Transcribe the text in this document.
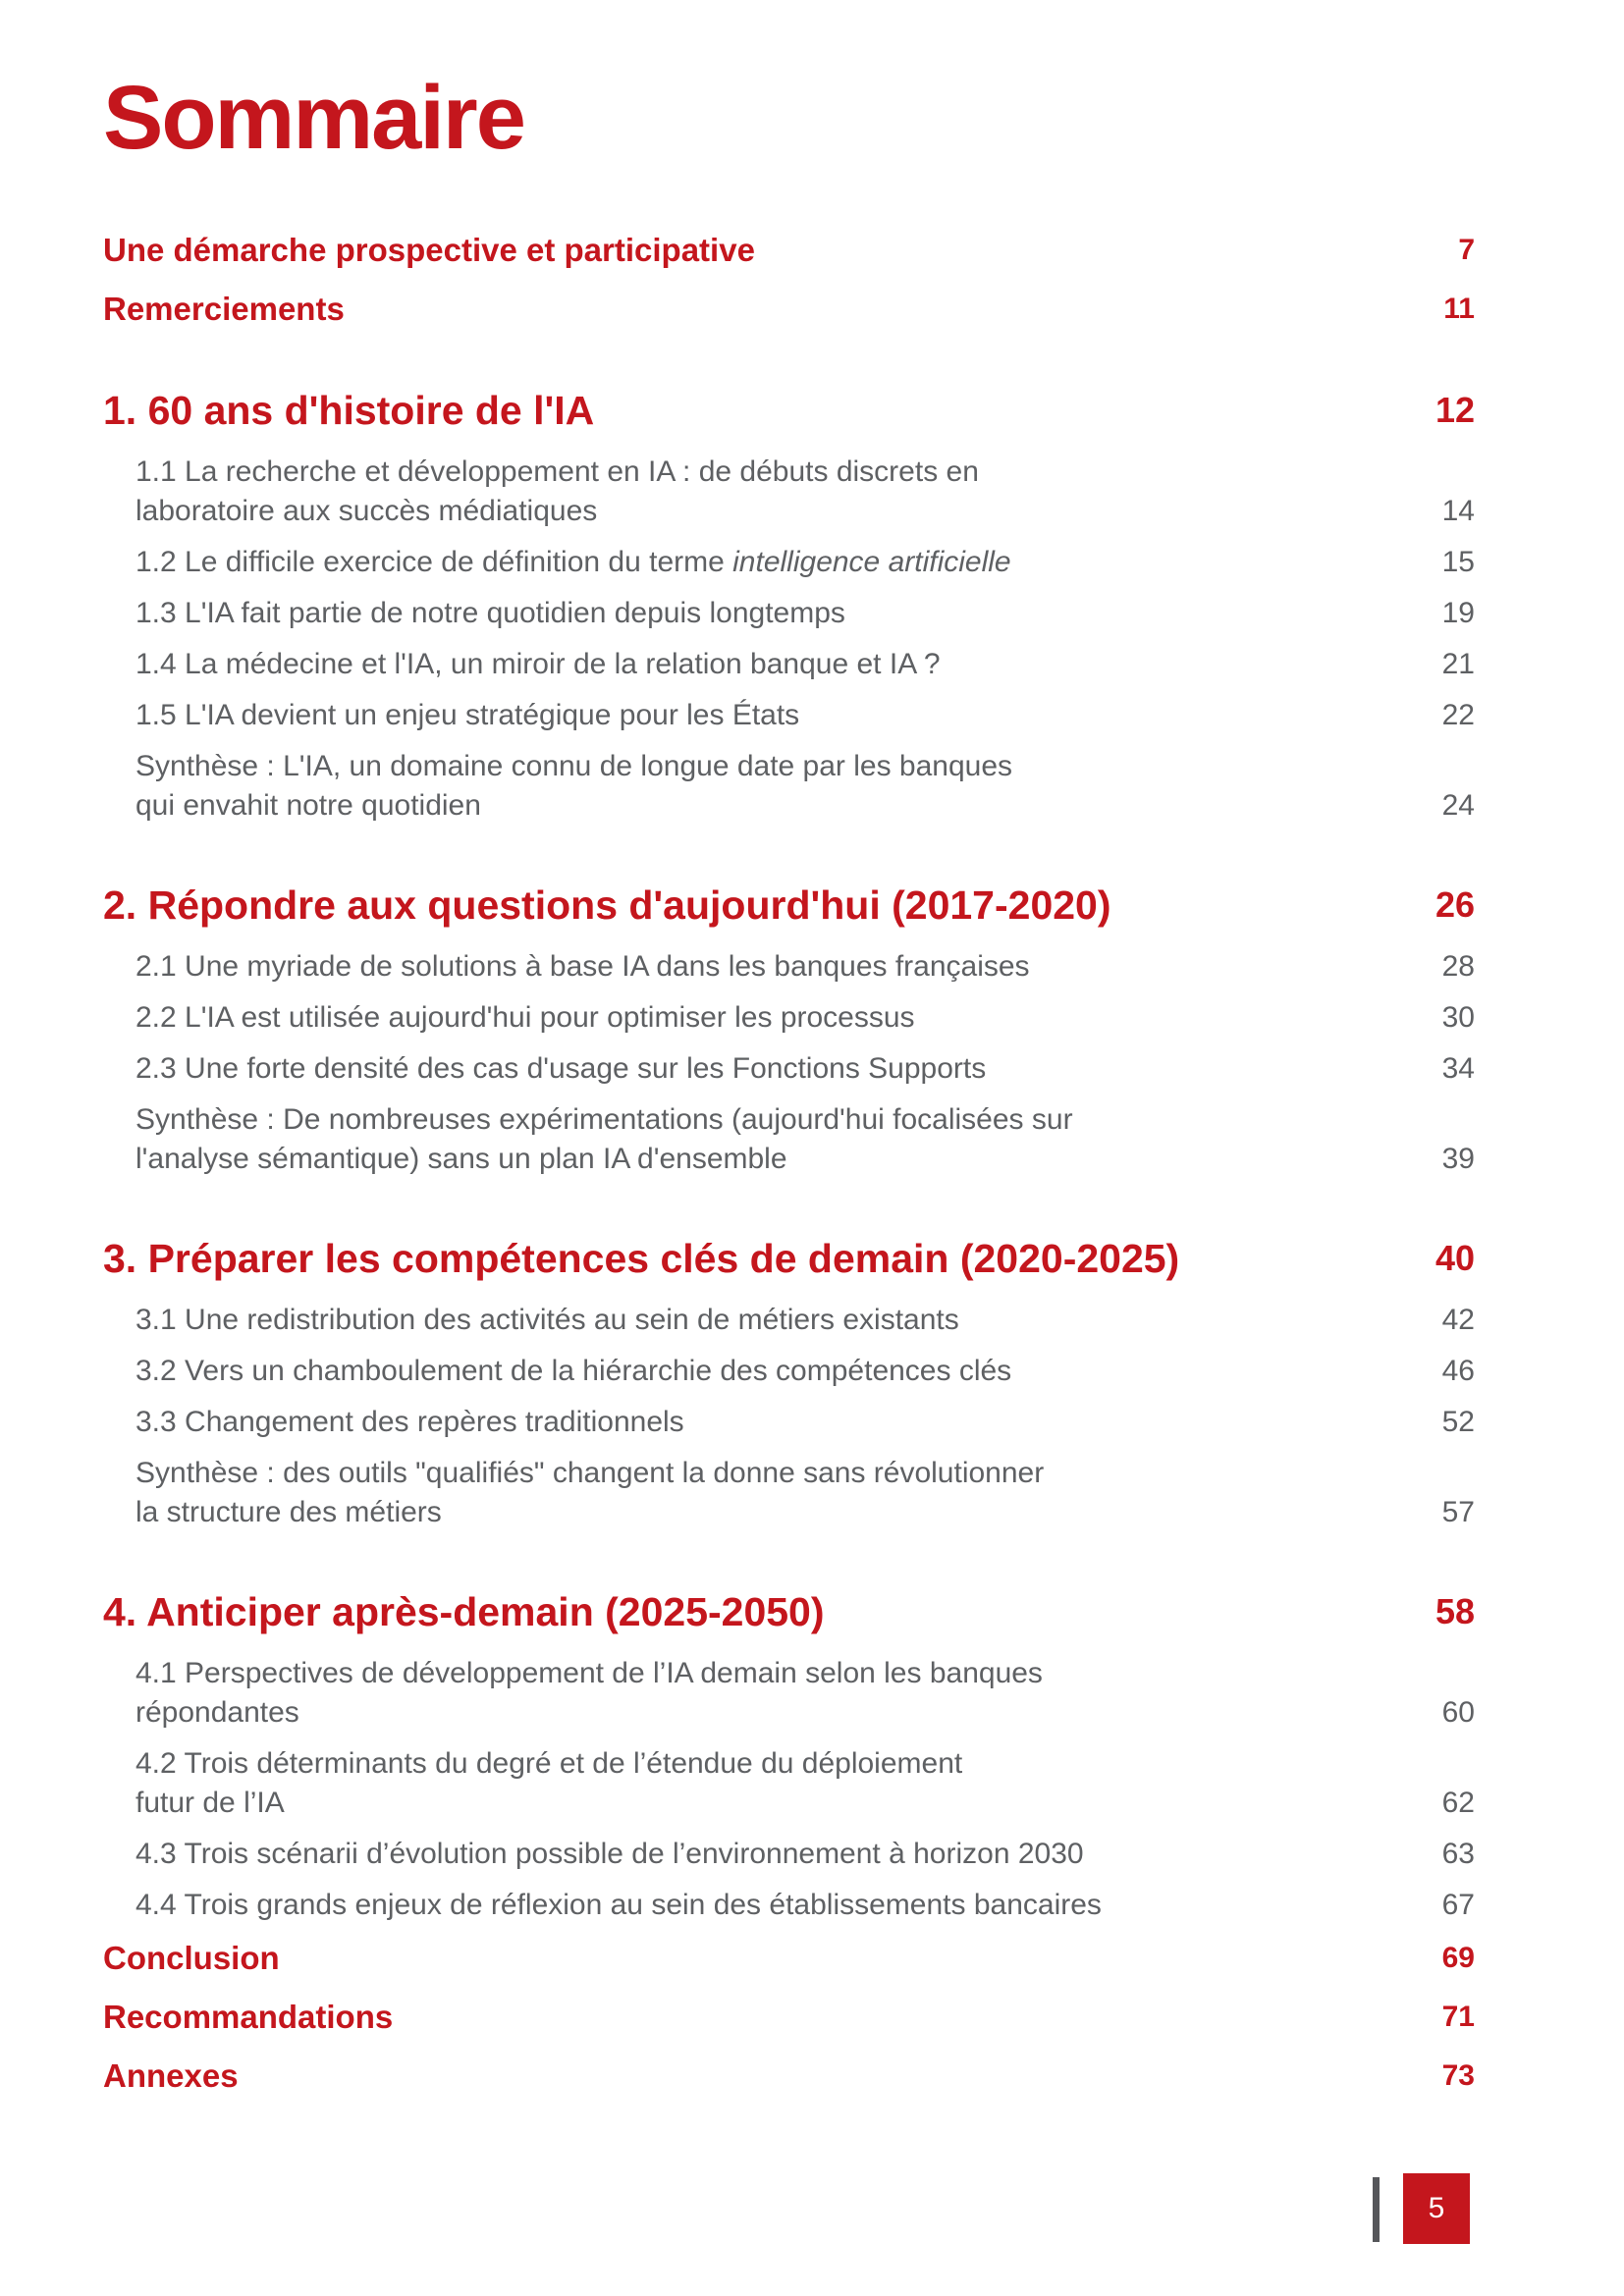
Sommaire
Une démarche prospective et participative	7
Remerciements	11
1. 60 ans d'histoire de l'IA	12
1.1 La recherche et développement en IA : de débuts discrets en
laboratoire aux succès médiatiques	14
1.2 Le difficile exercice de définition du terme intelligence artificielle	15
1.3 L'IA fait partie de notre quotidien depuis longtemps	19
1.4 La médecine et l'IA, un miroir de la relation banque et IA ?	21
1.5 L'IA devient un enjeu stratégique pour les États	22
Synthèse : L'IA, un domaine connu de longue date par les banques
qui envahit notre quotidien	24
2. Répondre aux questions d'aujourd'hui (2017-2020)	26
2.1 Une myriade de solutions à base IA dans les banques françaises	28
2.2 L'IA est utilisée aujourd'hui pour optimiser les processus	30
2.3 Une forte densité des cas d'usage sur les Fonctions Supports	34
Synthèse : De nombreuses expérimentations (aujourd'hui focalisées sur
l'analyse sémantique) sans un plan IA d'ensemble	39
3. Préparer les compétences clés de demain (2020-2025)	40
3.1 Une redistribution des activités au sein de métiers existants	42
3.2 Vers un chamboulement de la hiérarchie des compétences clés	46
3.3 Changement des repères traditionnels	52
Synthèse : des outils "qualifiés" changent la donne sans révolutionner
la structure des métiers	57
4. Anticiper après-demain (2025-2050)	58
4.1 Perspectives de développement de l’IA demain selon les banques
répondantes	60
4.2 Trois déterminants du degré et de l’étendue du déploiement
futur de l’IA	62
4.3 Trois scénarii d’évolution possible de l’environnement à horizon 2030	63
4.4 Trois grands enjeux de réflexion au sein des établissements bancaires	67
Conclusion	69
Recommandations	71
Annexes	73
5
